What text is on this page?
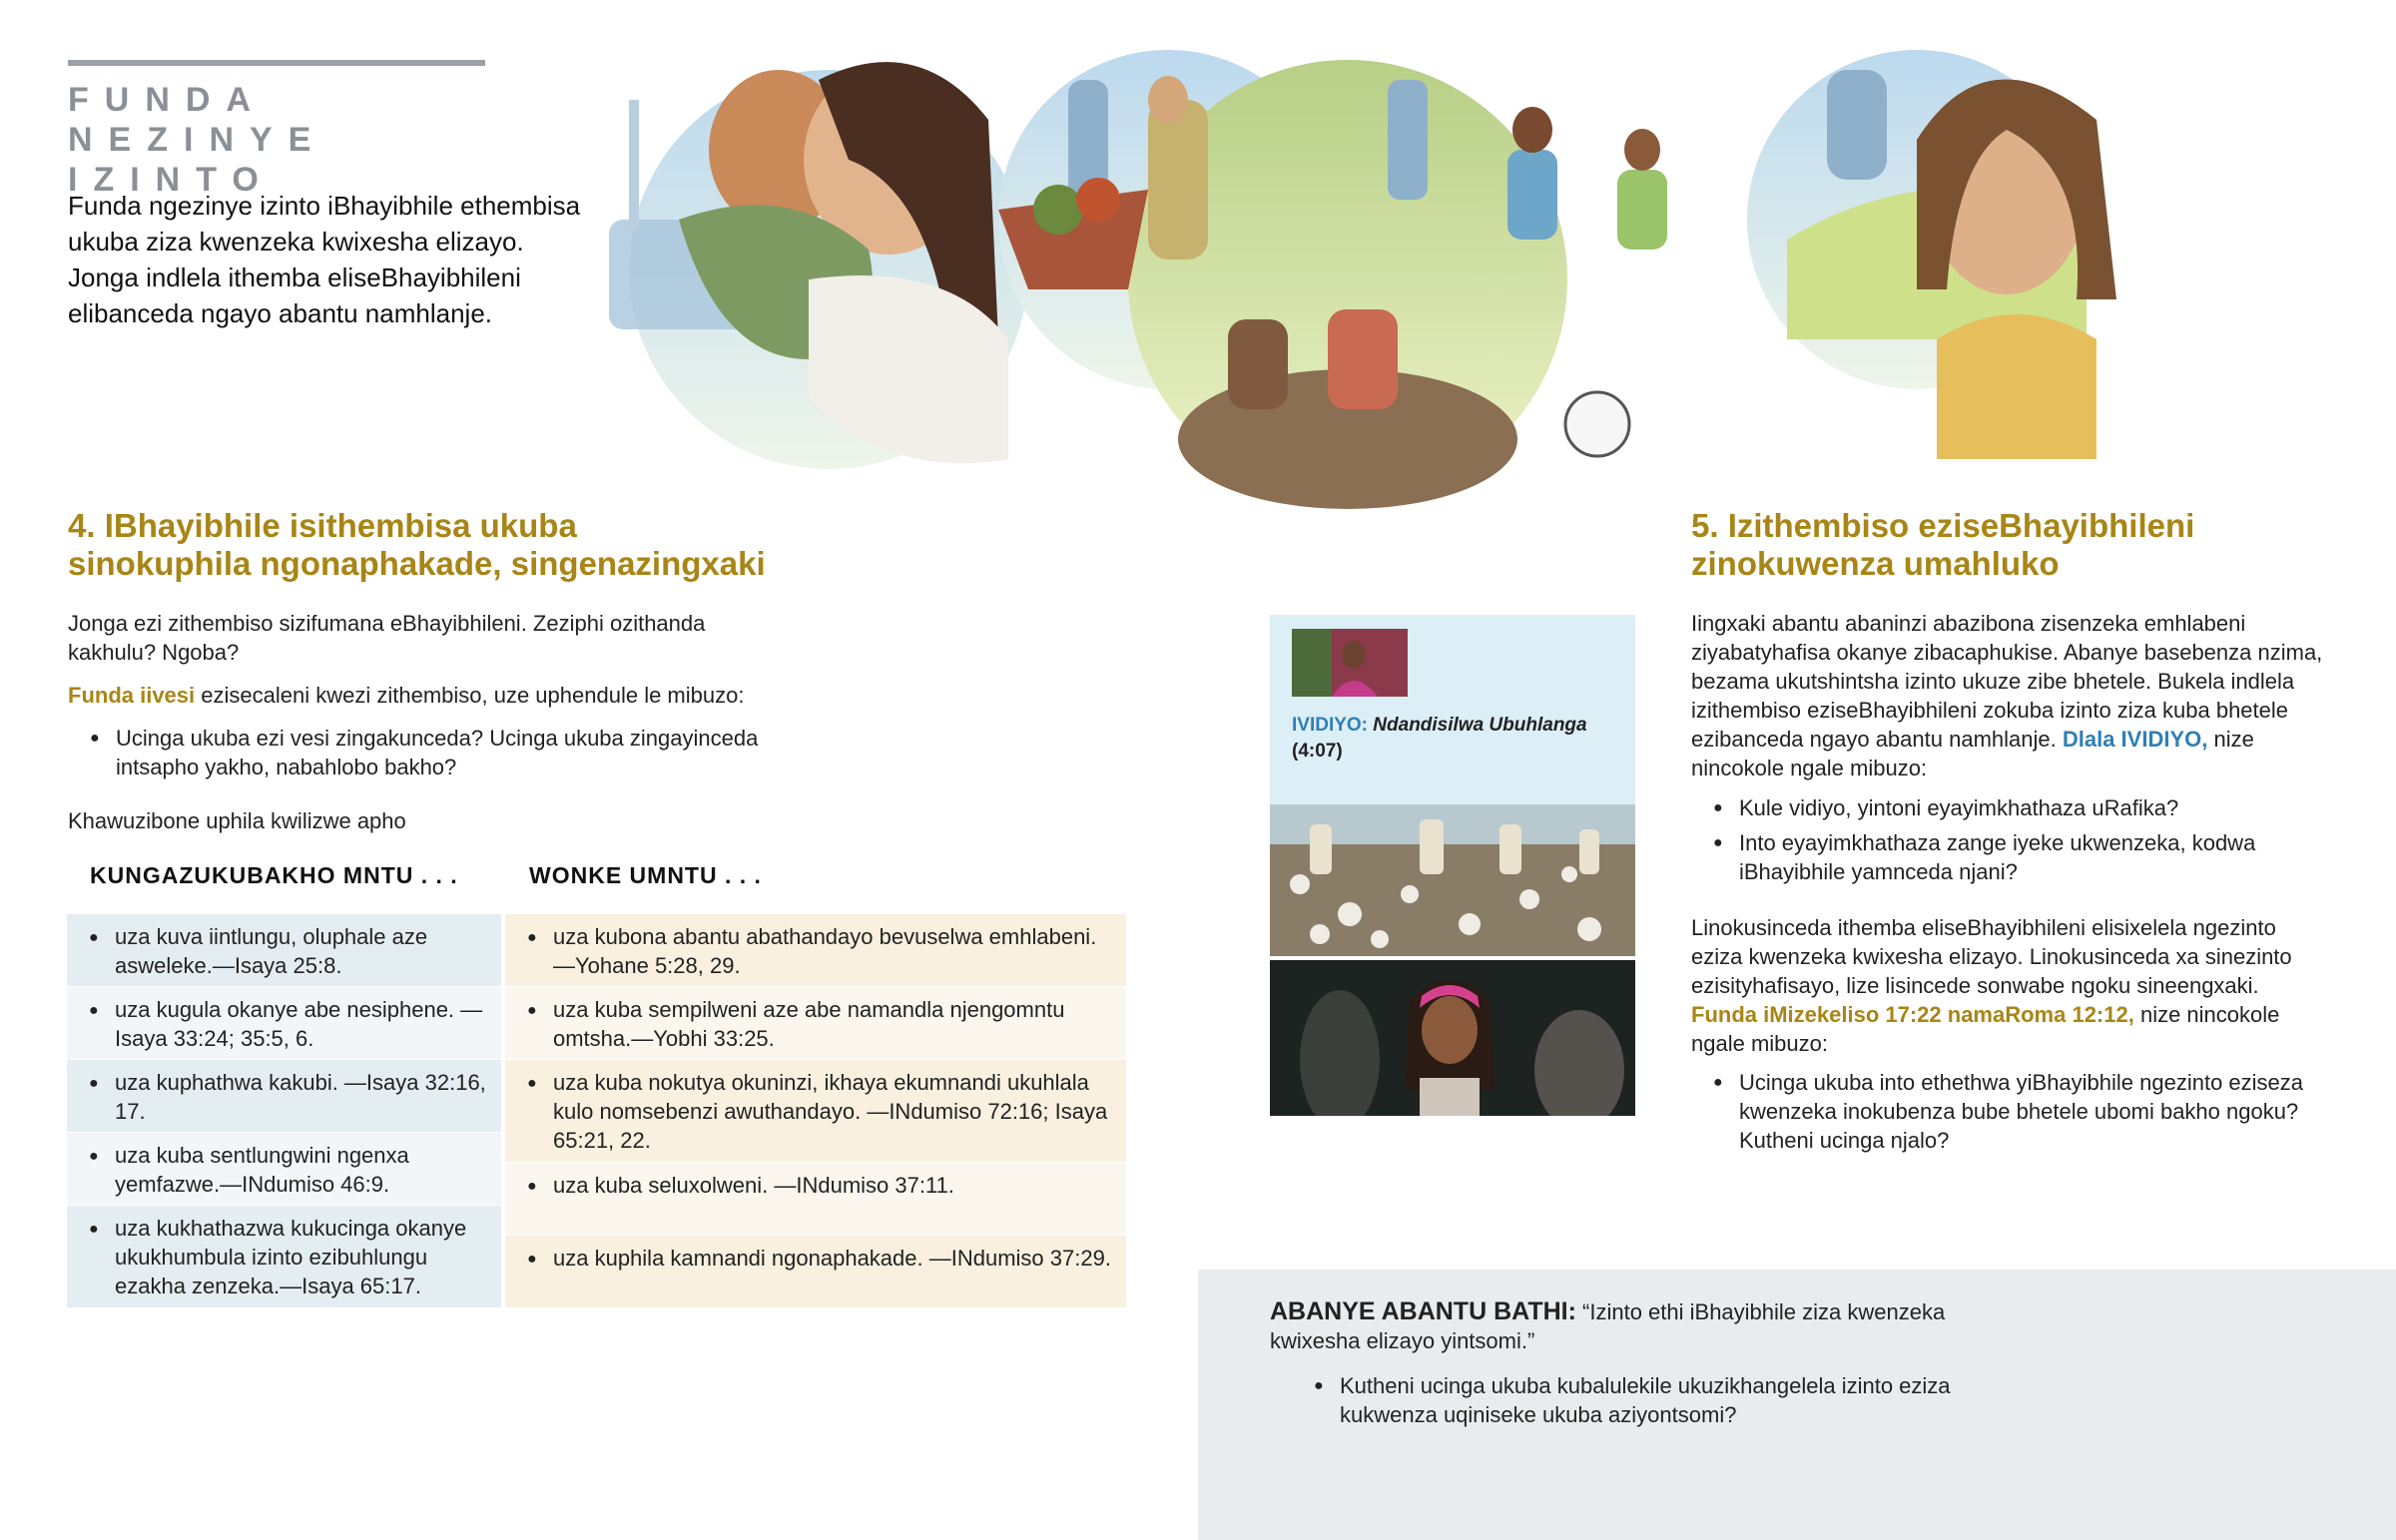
FUNDA NEZINYE
IZINTO
Funda ngezinye izinto iBhayibhile ethembisa ukuba ziza kwenzeka kwixesha elizayo. Jonga indlela ithemba eliseBhayibhileni elibanceda ngayo abantu namhlanje.
4. IBhayibhile isithembisa ukuba
sinokuphila ngonaphakade, singenazingxaki
Jonga ezi zithembiso sizifumana eBhayibhileni. Zeziphi ozithanda kakhulu? Ngoba?
Funda iivesi ezisecaleni kwezi zithembiso, uze uphendule le mibuzo:
● Ucinga ukuba ezi vesi zingakunceda? Ucinga ukuba zingayinceda intsapho yakho, nabahlobo bakho?
Khawuzibone uphila kwilizwe apho
KUNGAZUKUBAKHO MNTU . . .	WONKE UMNTU . . .
● uza kuva iintlungu, oluphale aze asweleke.—Isaya 25:8.
● uza kugula okanye abe nesiphene. —Isaya 33:24; 35:5, 6.
● uza kuphathwa kakubi. —Isaya 32:16, 17.
● uza kuba sentlungwini ngenxa yemfazwe.—INdumiso 46:9.
● uza kukhathazwa kukucinga okanye ukukhumbula izinto ezibuhlungu ezakha zenzeka.—Isaya 65:17.
● uza kubona abantu abathandayo bevuselwa emhlabeni.—Yohane 5:28, 29.
● uza kuba sempilweni aze abe namandla njengomntu omtsha.—Yobhi 33:25.
● uza kuba nokutya okuninzi, ikhaya ekumnandi ukuhlala kulo nomsebenzi awuthandayo. —INdumiso 72:16; Isaya 65:21, 22.
● uza kuba seluxolweni. —INdumiso 37:11.
● uza kuphila kamnandi ngonaphakade. —INdumiso 37:29.
IVIDIYO: Ndandisilwa Ubuhlanga
(4:07)
5. Izithembiso eziseBhayibhileni
zinokuwenza umahluko
Iingxaki abantu abaninzi abazibona zisenzeka emhlabeni ziyabatyhafisa okanye zibacaphukise. Abanye basebenza nzima, bezama ukutshintsha izinto ukuze zibe bhetele. Bukela indlela izithembiso eziseBhayibhileni zokuba izinto ziza kuba bhetele ezibanceda ngayo abantu namhlanje. Dlala IVIDIYO, nize nincokole ngale mibuzo:
● Kule vidiyo, yintoni eyayimkhathaza uRafika?
● Into eyayimkhathaza zange iyeke ukwenzeka, kodwa iBhayibhile yamnceda njani?
Linokusinceda ithemba eliseBhayibhileni elisixelela ngezinto eziza kwenzeka kwixesha elizayo. Linokusinceda xa sinezinto ezisityhafisayo, lize lisincede sonwabe ngoku sineengxaki. Funda iMizekeliso 17:22 namaRoma 12:12, nize nincokole ngale mibuzo:
● Ucinga ukuba into ethethwa yiBhayibhile ngezinto eziseza kwenzeka inokubenza bube bhetele ubomi bakho ngoku? Kutheni ucinga njalo?
ABANYE ABANTU BATHI: “Izinto ethi iBhayibhile ziza kwenzeka kwixesha elizayo yintsomi.”
● Kutheni ucinga ukuba kubalulekile ukuzikhangelela izinto eziza kukwenza uqiniseke ukuba aziyontsomi?
